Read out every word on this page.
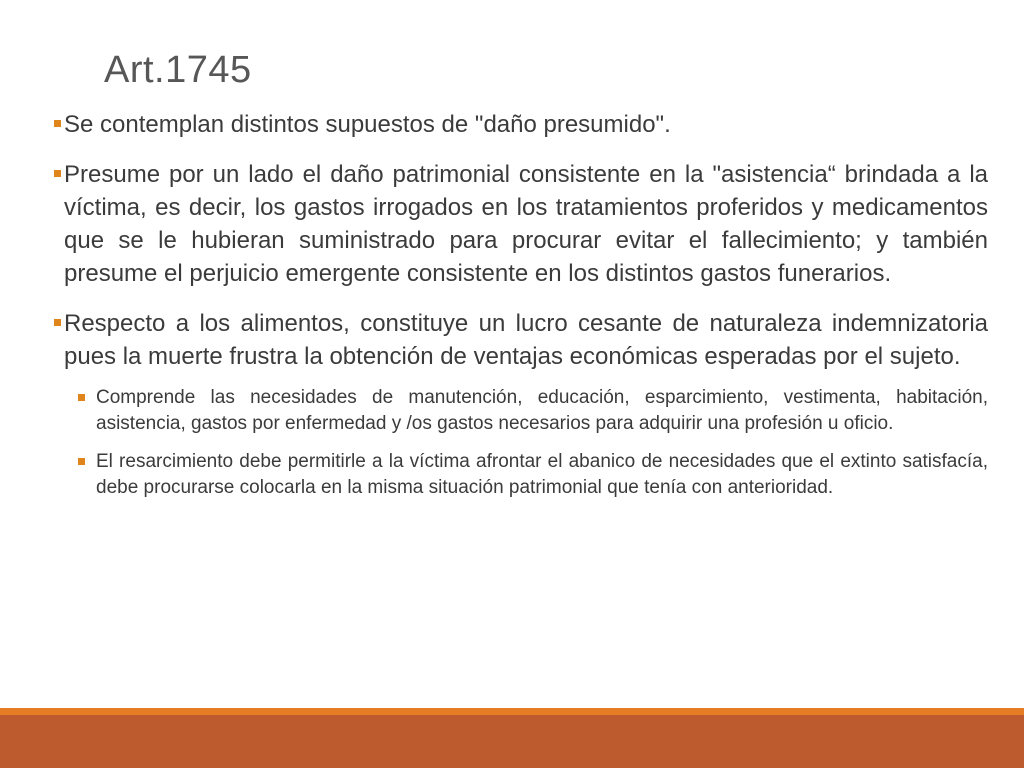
Art.1745
Se contemplan distintos supuestos de "daño presumido".
Presume por un lado el daño patrimonial consistente en la "asistencia“ brindada a la víctima, es decir, los gastos irrogados en los tratamientos proferidos y medicamentos que se le hubieran suministrado para procurar evitar el fallecimiento; y también presume el perjuicio emergente consistente en los distintos gastos funerarios.
Respecto a los alimentos, constituye un lucro cesante de naturaleza indemnizatoria pues la muerte frustra la obtención de ventajas económicas esperadas por el sujeto.
Comprende las necesidades de manutención, educación, esparcimiento, vestimenta, habitación, asistencia, gastos por enfermedad y /os gastos necesarios para adquirir una profesión u oficio.
El resarcimiento debe permitirle a la víctima afrontar el abanico de necesidades que el extinto satisfacía, debe procurarse colocarla en la misma situación patrimonial que tenía con anterioridad.
